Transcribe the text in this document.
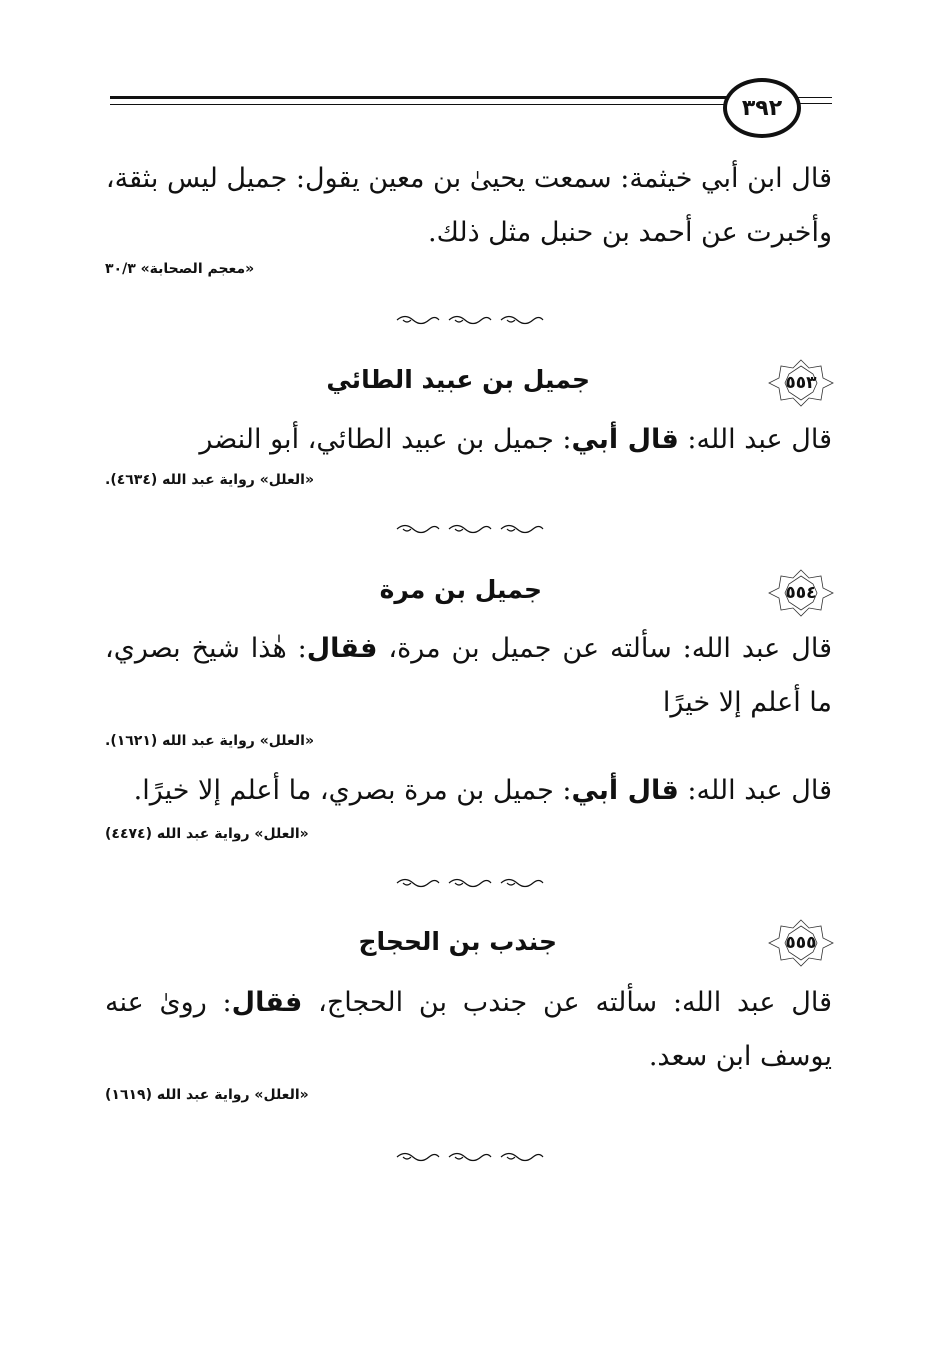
٣٩٢

قال ابن أبي خيثمة: سمعت يحيىٰ بن معين يقول: جميل ليس بثقة،

وأخبرت عن أحمد بن حنبل مثل ذلك.

«معجم الصحابة» ٣٠/٣
٥٥٣
جميل بن عبيد الطائي

قال عبد الله: قال أبي: جميل بن عبيد الطائي، أبو النضر

«العلل» رواية عبد الله (٤٦٣٤).
٥٥٤
جميل بن مرة

قال عبد الله: سألته عن جميل بن مرة، فقال: هٰذا شيخ بصري، ما أعلم إلا خيرًا

«العلل» رواية عبد الله (١٦٢١).

قال عبد الله: قال أبي: جميل بن مرة بصري، ما أعلم إلا خيرًا.

«العلل» رواية عبد الله (٤٤٧٤)
٥٥٥
جندب بن الحجاج

قال عبد الله: سألته عن جندب بن الحجاج، فقال: روىٰ عنه يوسف ابن سعد.

«العلل» رواية عبد الله (١٦١٩)
